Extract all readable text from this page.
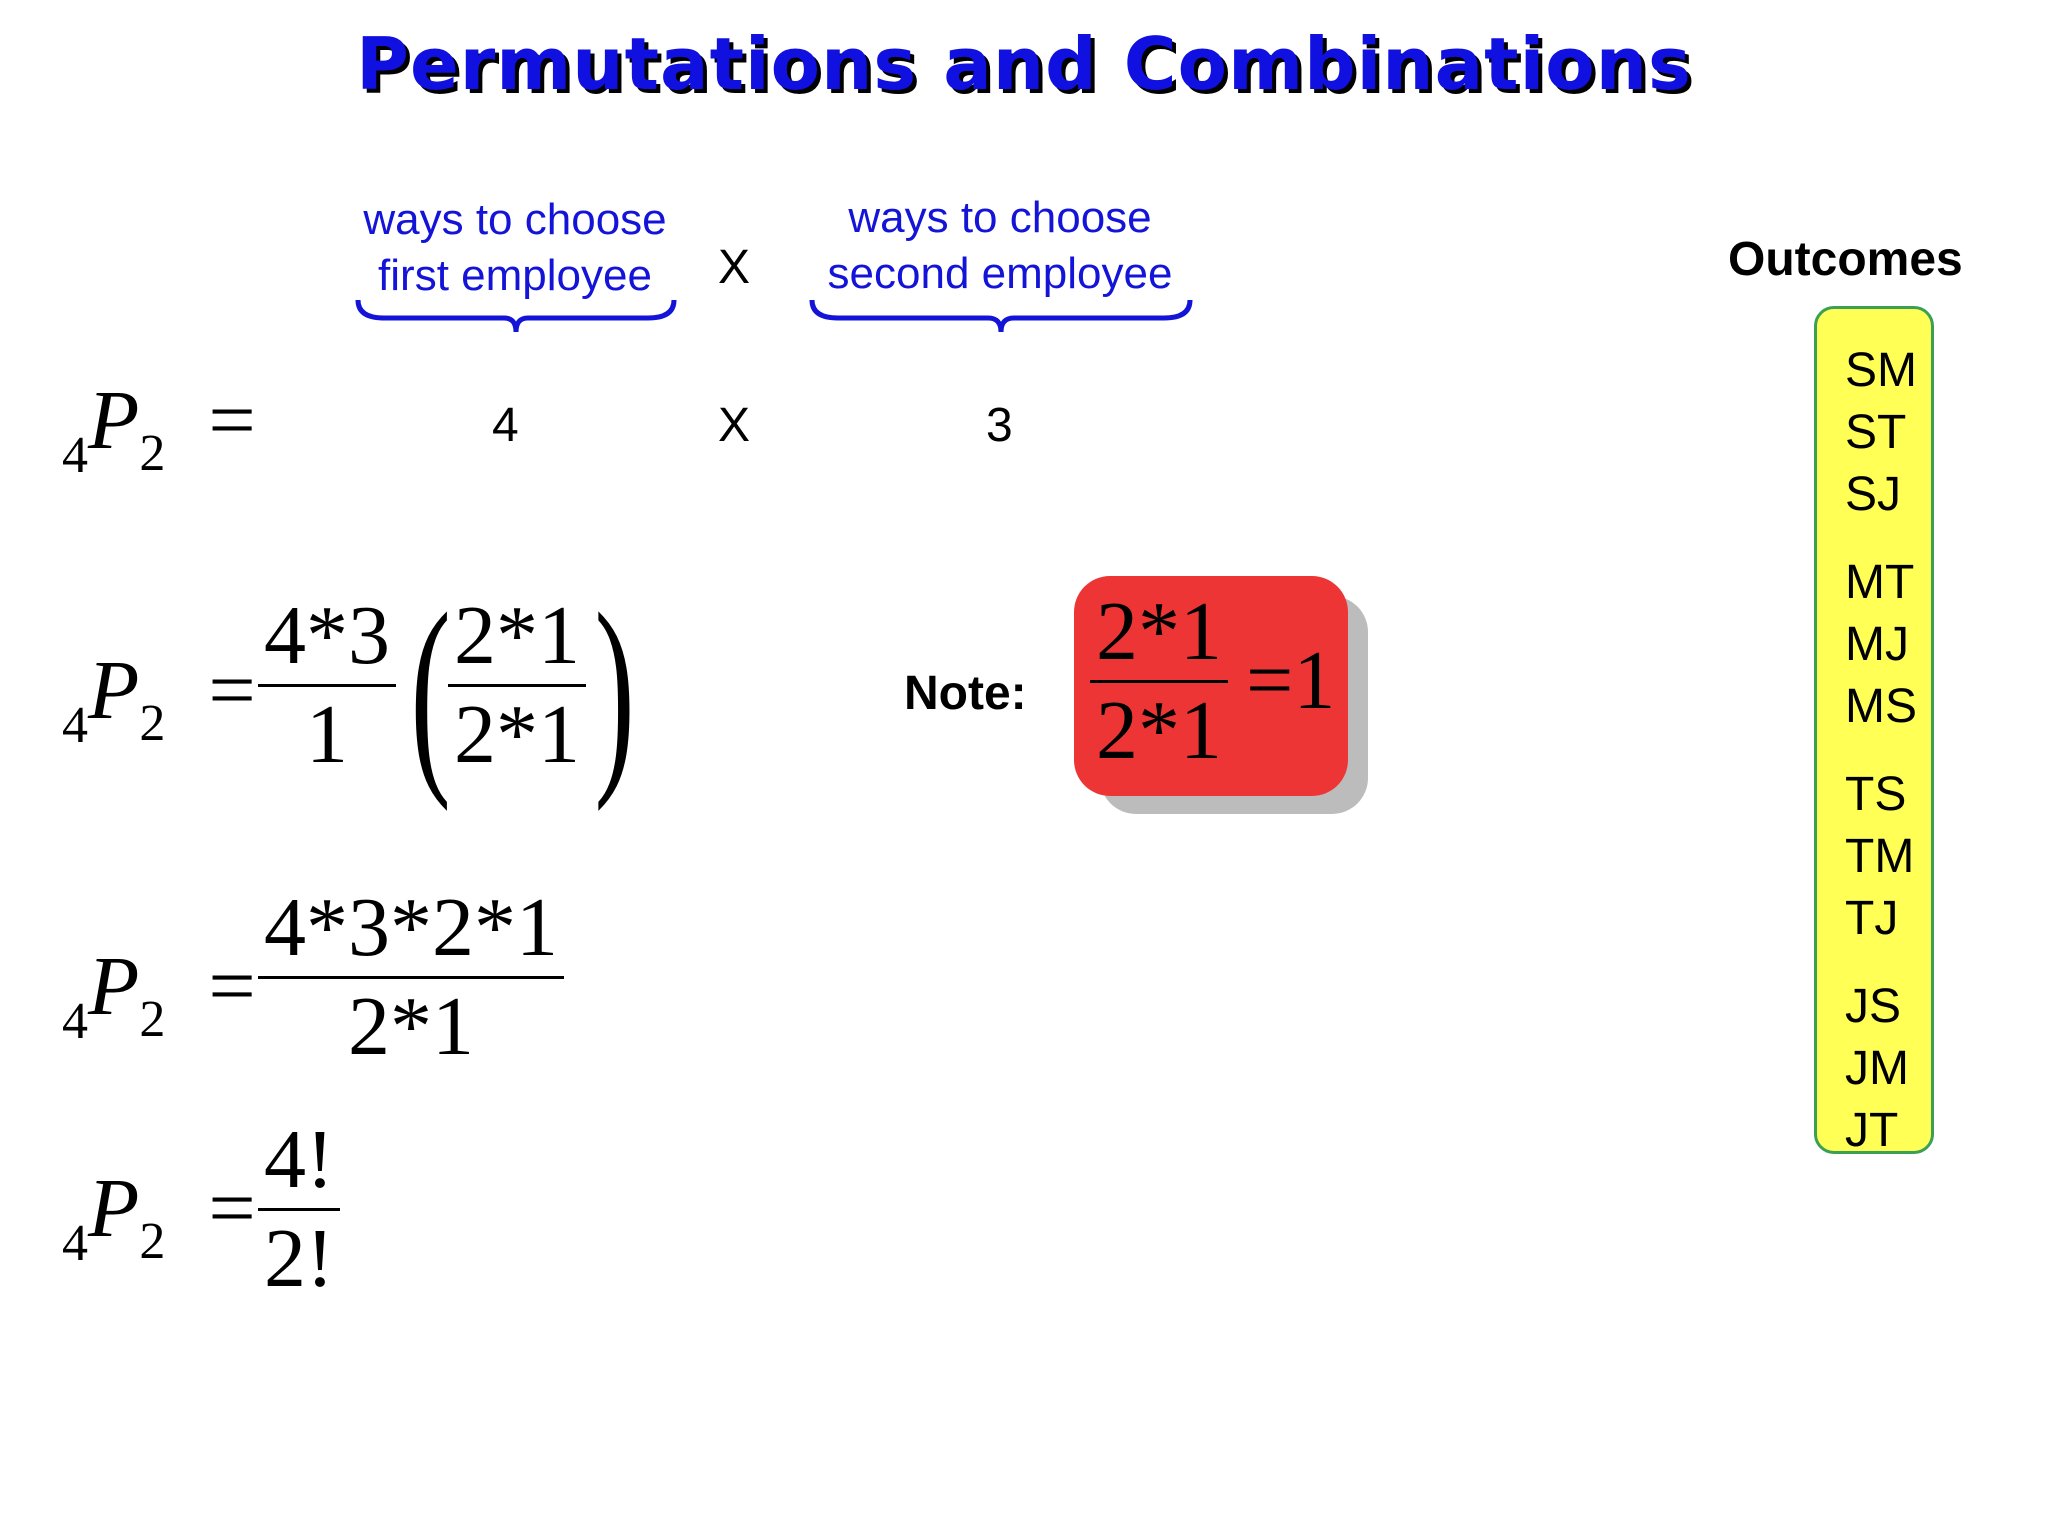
Permutations and Combinations
ways to choose
first employee	X
ways to choose
second employee
$_4P_2$ =	4	X	3
$_4P_2 = \frac{4*3}{1}$ (
$\frac{2*1}{2*1}$ )	Note: $\frac{2*1}{2*1} =1$
$_4P_2 = \frac{4*3*2*1}{2*1}$
$_4P_2 = \frac{4!}{2!}$
Outcomes
SM
ST
SJ
MT
MJ
MS
TS
TM
TJ
JS
JM
JT
